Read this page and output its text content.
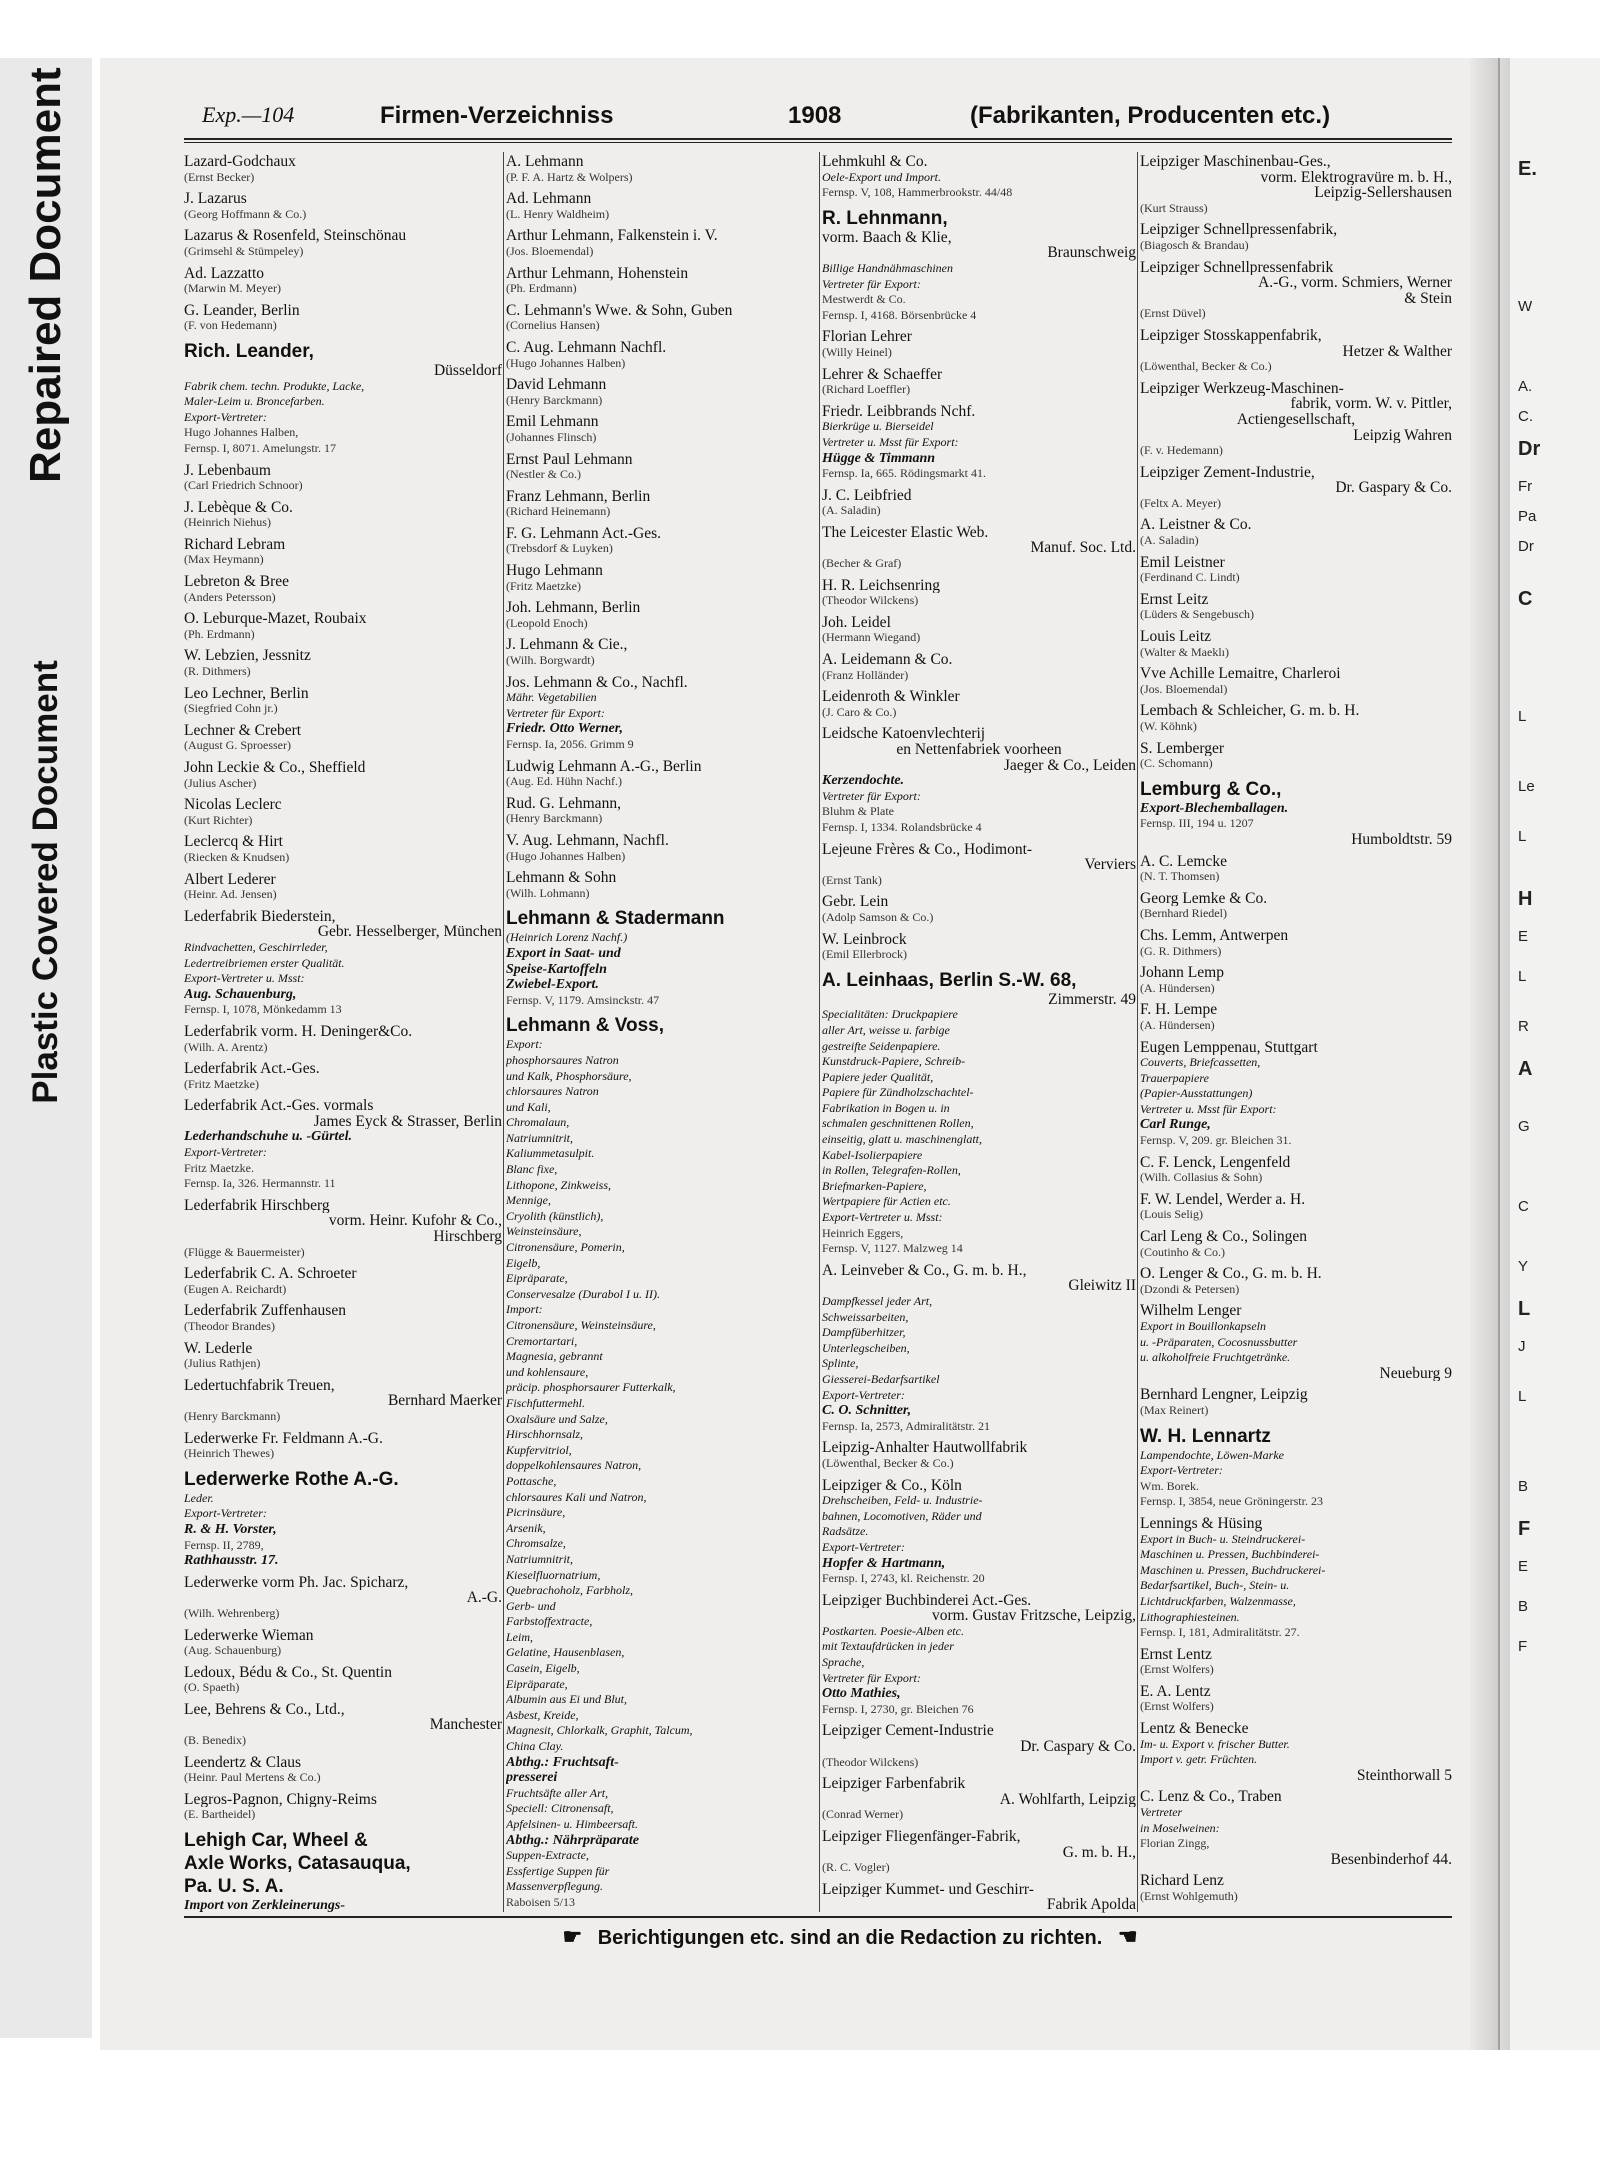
Repaired Document
Plastic Covered Document
E.
W
A.
C.
Dr
Fr
Pa
Dr
C
L
Le
L
H
E
L
R
A
G
C
Y
L
J
L
B
F
E
B
F
Exp.—104	Firmen-Verzeichniss	1908	(Fabrikanten, Producenten etc.)
Lazard-Godchaux
(Ernst Becker)
J. Lazarus
(Georg Hoffmann & Co.)
Lazarus & Rosenfeld, Steinschönau
(Grimsehl & Stümpeley)
Ad. Lazzatto
(Marwin M. Meyer)
G. Leander, Berlin
(F. von Hedemann)
Rich. Leander,
Düsseldorf
Fabrik chem. techn. Produkte, Lacke,
Maler-Leim u. Broncefarben.
Export-Vertreter:
Hugo Johannes Halben,
Fernsp. I, 8071. Amelungstr. 17
J. Lebenbaum
(Carl Friedrich Schnoor)
J. Lebèque & Co.
(Heinrich Niehus)
Richard Lebram
(Max Heymann)
Lebreton & Bree
(Anders Petersson)
O. Leburque-Mazet, Roubaix
(Ph. Erdmann)
W. Lebzien, Jessnitz
(R. Dithmers)
Leo Lechner, Berlin
(Siegfried Cohn jr.)
Lechner & Crebert
(August G. Sproesser)
John Leckie & Co., Sheffield
(Julius Ascher)
Nicolas Leclerc
(Kurt Richter)
Leclercq & Hirt
(Riecken & Knudsen)
Albert Lederer
(Heinr. Ad. Jensen)
Lederfabrik Biederstein,
Gebr. Hesselberger, München
Rindvachetten, Geschirrleder,
Ledertreibriemen erster Qualität.
Export-Vertreter u. Msst:
Aug. Schauenburg,
Fernsp. I, 1078, Mönkedamm 13
Lederfabrik vorm. H. Deninger&Co.
(Wilh. A. Arentz)
Lederfabrik Act.-Ges.
(Fritz Maetzke)
Lederfabrik Act.-Ges. vormals
James Eyck & Strasser, Berlin
Lederhandschuhe u. -Gürtel.
Export-Vertreter:
Fritz Maetzke.
Fernsp. Ia, 326. Hermannstr. 11
Lederfabrik Hirschberg
vorm. Heinr. Kufohr & Co.,
Hirschberg
(Flügge & Bauermeister)
Lederfabrik C. A. Schroeter
(Eugen A. Reichardt)
Lederfabrik Zuffenhausen
(Theodor Brandes)
W. Lederle
(Julius Rathjen)
Ledertuchfabrik Treuen,
Bernhard Maerker
(Henry Barckmann)
Lederwerke Fr. Feldmann A.-G.
(Heinrich Thewes)
Lederwerke Rothe A.-G.
Leder.
Export-Vertreter:
R. & H. Vorster,
Fernsp. II, 2789,
Rathhausstr. 17.
Lederwerke vorm Ph. Jac. Spicharz,
A.-G.
(Wilh. Wehrenberg)
Lederwerke Wieman
(Aug. Schauenburg)
Ledoux, Bédu & Co., St. Quentin
(O. Spaeth)
Lee, Behrens & Co., Ltd.,
Manchester
(B. Benedix)
Leendertz & Claus
(Heinr. Paul Mertens & Co.)
Legros-Pagnon, Chigny-Reims
(E. Bartheidel)
Lehigh Car, Wheel &
Axle Works, Catasauqua,
Pa. U. S. A.
Import von Zerkleinerungs-
A. Lehmann
(P. F. A. Hartz & Wolpers)
Ad. Lehmann
(L. Henry Waldheim)
Arthur Lehmann, Falkenstein i. V.
(Jos. Bloemendal)
Arthur Lehmann, Hohenstein
(Ph. Erdmann)
C. Lehmann's Wwe. & Sohn, Guben
(Cornelius Hansen)
C. Aug. Lehmann Nachfl.
(Hugo Johannes Halben)
David Lehmann
(Henry Barckmann)
Emil Lehmann
(Johannes Flinsch)
Ernst Paul Lehmann
(Nestler & Co.)
Franz Lehmann, Berlin
(Richard Heinemann)
F. G. Lehmann Act.-Ges.
(Trebsdorf & Luyken)
Hugo Lehmann
(Fritz Maetzke)
Joh. Lehmann, Berlin
(Leopold Enoch)
J. Lehmann & Cie.,
(Wilh. Borgwardt)
Jos. Lehmann & Co., Nachfl.
Mähr. Vegetabilien
Vertreter für Export:
Friedr. Otto Werner,
Fernsp. Ia, 2056. Grimm 9
Ludwig Lehmann A.-G., Berlin
(Aug. Ed. Hühn Nachf.)
Rud. G. Lehmann,
(Henry Barckmann)
V. Aug. Lehmann, Nachfl.
(Hugo Johannes Halben)
Lehmann & Sohn
(Wilh. Lohmann)
Lehmann & Stadermann
(Heinrich Lorenz Nachf.)
Export in Saat- und
Speise-Kartoffeln
Zwiebel-Export.
Fernsp. V, 1179. Amsinckstr. 47
Lehmann & Voss,
Export:
phosphorsaures Natron
und Kalk, Phosphorsäure,
chlorsaures Natron
und Kali,
Chromalaun,
Natriumnitrit,
Kaliummetasulpit.
Blanc fixe,
Lithopone, Zinkweiss,
Mennige,
Cryolith (künstlich),
Weinsteinsäure,
Citronensäure, Pomerin,
Eigelb,
Eipräparate,
Conservesalze (Durabol I u. II).
Import:
Citronensäure, Weinsteinsäure,
Cremortartari,
Magnesia, gebrannt
und kohlensaure,
präcip. phosphorsaurer Futterkalk,
Fischfuttermehl.
Oxalsäure und Salze,
Hirschhornsalz,
Kupfervitriol,
doppelkohlensaures Natron,
Pottasche,
chlorsaures Kali und Natron,
Picrinsäure,
Arsenik,
Chromsalze,
Natriumnitrit,
Kieselfluornatrium,
Quebrachoholz, Farbholz,
Gerb- und
Farbstoffextracte,
Leim,
Gelatine, Hausenblasen,
Casein, Eigelb,
Eipräparate,
Albumin aus Ei und Blut,
Asbest, Kreide,
Magnesit, Chlorkalk, Graphit, Talcum,
China Clay.
Abthg.: Fruchtsaft-
presserei
Fruchtsäfte aller Art,
Speciell: Citronensaft,
Apfelsinen- u. Himbeersaft.
Abthg.: Nährpräparate
Suppen-Extracte,
Essfertige Suppen für
Massenverpflegung.
Raboisen 5/13
Lehmkuhl & Co.
Oele-Export und Import.
Fernsp. V, 108, Hammerbrookstr. 44/48
R. Lehnmann,
vorm. Baach & Klie,
Braunschweig
Billige Handnähmaschinen
Vertreter für Export:
Mestwerdt & Co.
Fernsp. I, 4168. Börsenbrücke 4
Florian Lehrer
(Willy Heinel)
Lehrer & Schaeffer
(Richard Loeffler)
Friedr. Leibbrands Nchf.
Bierkrüge u. Bierseidel
Vertreter u. Msst für Export:
Hügge & Timmann
Fernsp. Ia, 665. Rödingsmarkt 41.
J. C. Leibfried
(A. Saladin)
The Leicester Elastic Web.
Manuf. Soc. Ltd.
(Becher & Graf)
H. R. Leichsenring
(Theodor Wilckens)
Joh. Leidel
(Hermann Wiegand)
A. Leidemann & Co.
(Franz Holländer)
Leidenroth & Winkler
(J. Caro & Co.)
Leidsche Katoenvlechterij
en Nettenfabriek voorheen
Jaeger & Co., Leiden
Kerzendochte.
Vertreter für Export:
Bluhm & Plate
Fernsp. I, 1334. Rolandsbrücke 4
Lejeune Frères & Co., Hodimont-
Verviers
(Ernst Tank)
Gebr. Lein
(Adolp Samson & Co.)
W. Leinbrock
(Emil Ellerbrock)
A. Leinhaas, Berlin S.-W. 68,
Zimmerstr. 49
Specialitäten: Druckpapiere
aller Art, weisse u. farbige
gestreifte Seidenpapiere.
Kunstdruck-Papiere, Schreib-
Papiere jeder Qualität,
Papiere für Zündholzschachtel-
Fabrikation in Bogen u. in
schmalen geschnittenen Rollen,
einseitig, glatt u. maschinenglatt,
Kabel-Isolierpapiere
in Rollen, Telegrafen-Rollen,
Briefmarken-Papiere,
Wertpapiere für Actien etc.
Export-Vertreter u. Msst:
Heinrich Eggers,
Fernsp. V, 1127. Malzweg 14
A. Leinveber & Co., G. m. b. H.,
Gleiwitz II
Dampfkessel jeder Art,
Schweissarbeiten,
Dampfüberhitzer,
Unterlegscheiben,
Splinte,
Giesserei-Bedarfsartikel
Export-Vertreter:
C. O. Schnitter,
Fernsp. Ia, 2573, Admiralitätstr. 21
Leipzig-Anhalter Hautwollfabrik
(Löwenthal, Becker & Co.)
Leipziger & Co., Köln
Drehscheiben, Feld- u. Industrie-
bahnen, Locomotiven, Räder und
Radsätze.
Export-Vertreter:
Hopfer & Hartmann,
Fernsp. I, 2743, kl. Reichenstr. 20
Leipziger Buchbinderei Act.-Ges.
vorm. Gustav Fritzsche, Leipzig,
Postkarten. Poesie-Alben etc.
mit Textaufdrücken in jeder
Sprache,
Vertreter für Export:
Otto Mathies,
Fernsp. I, 2730, gr. Bleichen 76
Leipziger Cement-Industrie
Dr. Caspary & Co.
(Theodor Wilckens)
Leipziger Farbenfabrik
A. Wohlfarth, Leipzig
(Conrad Werner)
Leipziger Fliegenfänger-Fabrik,
G. m. b. H.,
(R. C. Vogler)
Leipziger Kummet- und Geschirr-
Fabrik Apolda
Leipziger Maschinenbau-Ges.,
vorm. Elektrogravüre m. b. H.,
Leipzig-Sellershausen
(Kurt Strauss)
Leipziger Schnellpressenfabrik,
(Biagosch & Brandau)
Leipziger Schnellpressenfabrik
A.-G., vorm. Schmiers, Werner
& Stein
(Ernst Düvel)
Leipziger Stosskappenfabrik,
Hetzer & Walther
(Löwenthal, Becker & Co.)
Leipziger Werkzeug-Maschinen-
fabrik, vorm. W. v. Pittler,
Actiengesellschaft,
Leipzig Wahren
(F. v. Hedemann)
Leipziger Zement-Industrie,
Dr. Gaspary & Co.
(Feltx A. Meyer)
A. Leistner & Co.
(A. Saladin)
Emil Leistner
(Ferdinand C. Lindt)
Ernst Leitz
(Lüders & Sengebusch)
Louis Leitz
(Walter & Maeklı)
Vve Achille Lemaitre, Charleroi
(Jos. Bloemendal)
Lembach & Schleicher, G. m. b. H.
(W. Köhnk)
S. Lemberger
(C. Schomann)
Lemburg & Co.,
Export-Blechemballagen.
Fernsp. III, 194 u. 1207
Humboldtstr. 59
A. C. Lemcke
(N. T. Thomsen)
Georg Lemke & Co.
(Bernhard Riedel)
Chs. Lemm, Antwerpen
(G. R. Dithmers)
Johann Lemp
(A. Hündersen)
F. H. Lempe
(A. Hündersen)
Eugen Lemppenau, Stuttgart
Couverts, Briefcassetten,
Trauerpapiere
(Papier-Ausstattungen)
Vertreter u. Msst für Export:
Carl Runge,
Fernsp. V, 209. gr. Bleichen 31.
C. F. Lenck, Lengenfeld
(Wilh. Collasius & Sohn)
F. W. Lendel, Werder a. H.
(Louis Selig)
Carl Leng & Co., Solingen
(Coutinho & Co.)
O. Lenger & Co., G. m. b. H.
(Dzondi & Petersen)
Wilhelm Lenger
Export in Bouillonkapseln
u. -Präparaten, Cocosnussbutter
u. alkoholfreie Fruchtgetränke.
Neueburg 9
Bernhard Lengner, Leipzig
(Max Reinert)
W. H. Lennartz
Lampendochte, Löwen-Marke
Export-Vertreter:
Wm. Borek.
Fernsp. I, 3854, neue Gröningerstr. 23
Lennings & Hüsing
Export in Buch- u. Steindruckerei-
Maschinen u. Pressen, Buchbinderei-
Maschinen u. Pressen, Buchdruckerei-
Bedarfsartikel, Buch-, Stein- u.
Lichtdruckfarben, Walzenmasse,
Lithographiesteinen.
Fernsp. I, 181, Admiralitätstr. 27.
Ernst Lentz
(Ernst Wolfers)
E. A. Lentz
(Ernst Wolfers)
Lentz & Benecke
Im- u. Export v. frischer Butter.
Import v. getr. Früchten.
Steinthorwall 5
C. Lenz & Co., Traben
Vertreter
in Moselweinen:
Florian Zingg,
Besenbinderhof 44.
Richard Lenz
(Ernst Wohlgemuth)
☛ Berichtigungen etc. sind an die Redaction zu richten. ☚
